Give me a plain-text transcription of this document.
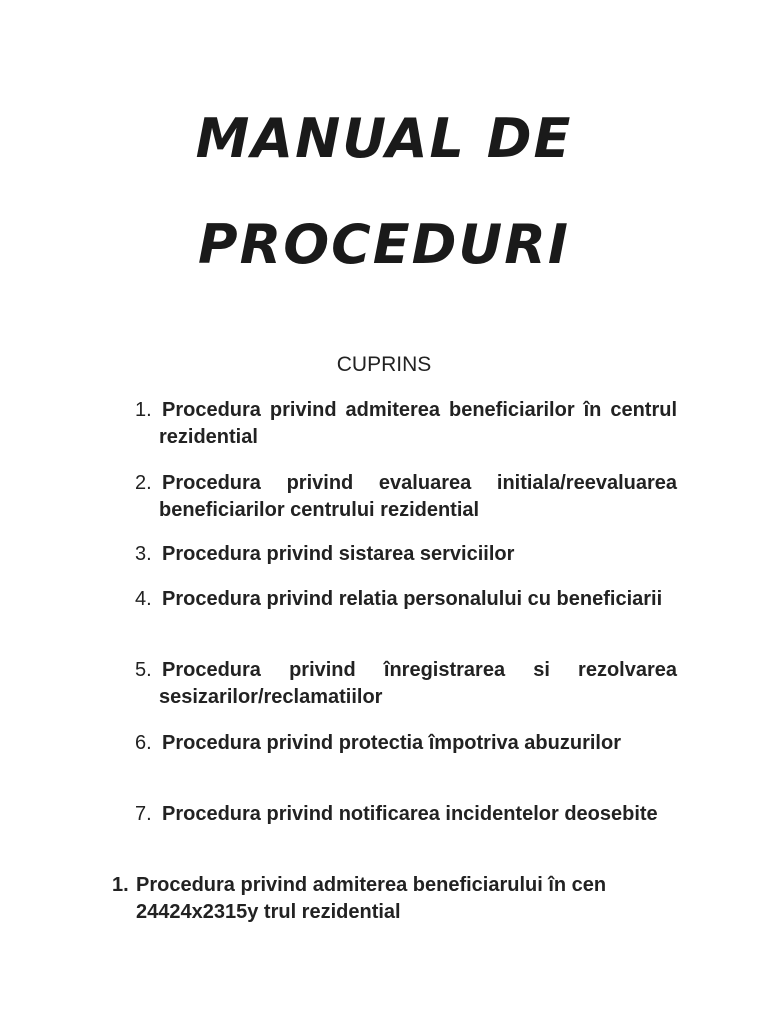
MANUAL DE
PROCEDURI
CUPRINS
1. Procedura privind admiterea beneficiarilor în centrul rezidential
2. Procedura privind evaluarea initiala/reevaluarea beneficiarilor centrului rezidential
3. Procedura privind sistarea serviciilor
4. Procedura privind relatia personalului cu beneficiarii
5. Procedura privind înregistrarea si rezolvarea sesizarilor/reclamatiilor
6. Procedura privind protectia împotriva abuzurilor
7. Procedura privind notificarea incidentelor deosebite
1. Procedura privind admiterea beneficiarului în cen 24424x2315y trul rezidential
